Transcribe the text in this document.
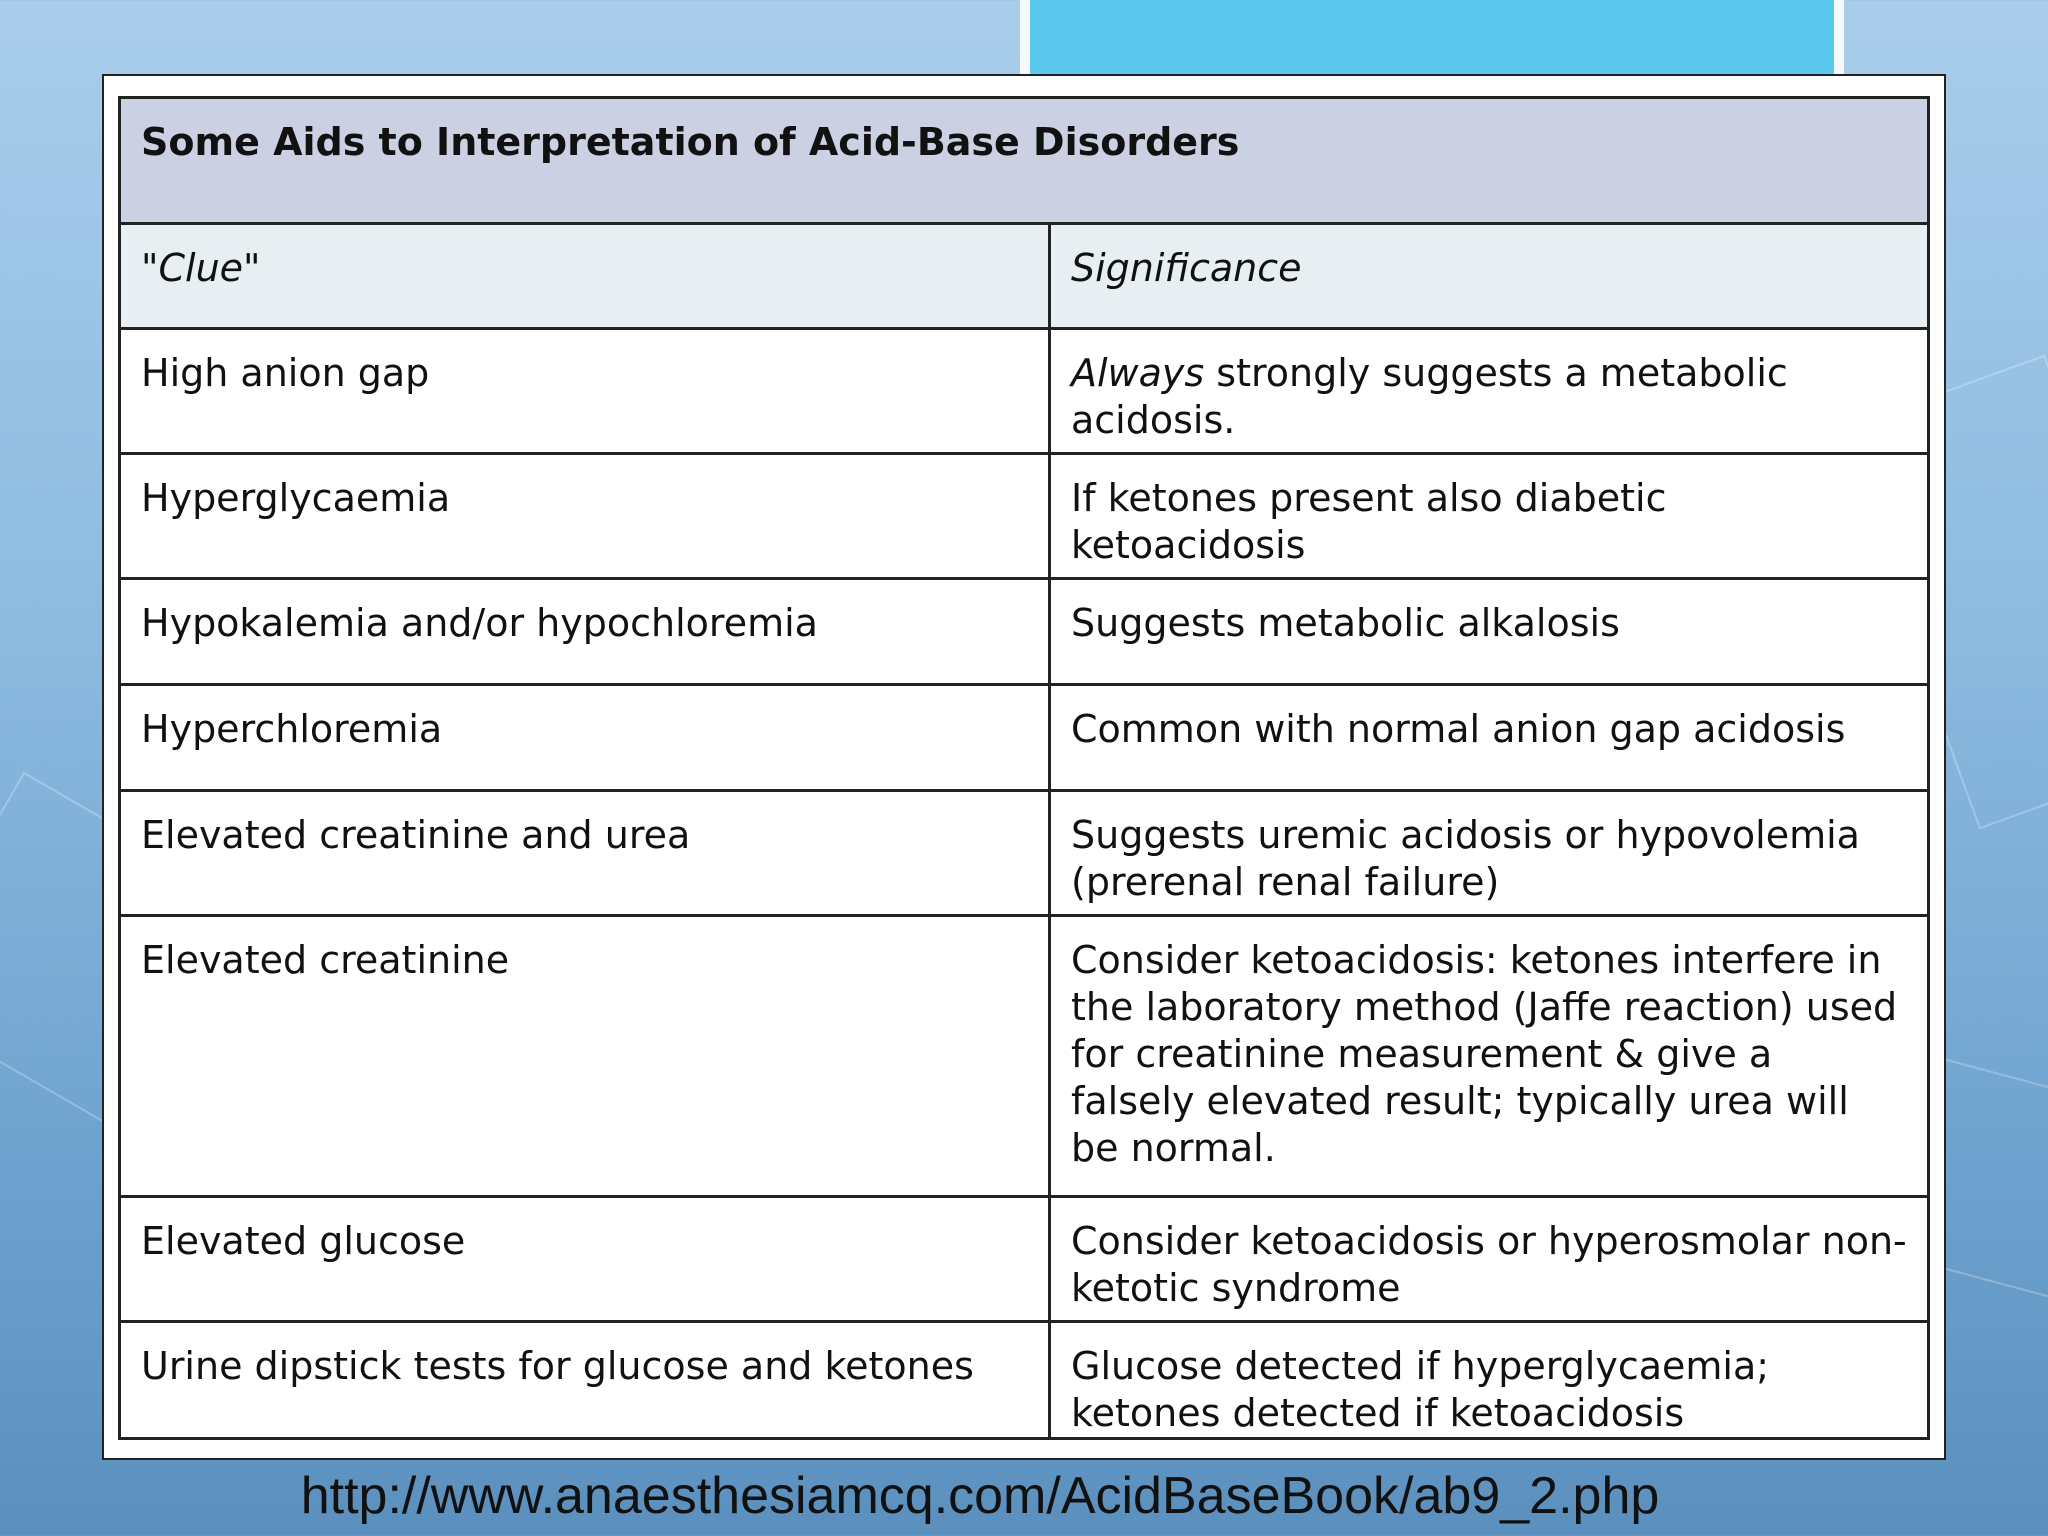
Some Aids to Interpretation of Acid-Base Disorders	
"Clue"	Significance
High anion gap	Always strongly suggests a metabolic acidosis.
Hyperglycaemia	If ketones present also diabetic ketoacidosis
Hypokalemia and/or hypochloremia	Suggests metabolic alkalosis
Hyperchloremia	Common with normal anion gap acidosis
Elevated creatinine and urea	Suggests uremic acidosis or hypovolemia (prerenal renal failure)
Elevated creatinine	Consider ketoacidosis: ketones interfere in the laboratory method (Jaffe reaction) used for creatinine measurement & give a falsely elevated result; typically urea will be normal.
Elevated glucose	Consider ketoacidosis or hyperosmolar non-ketotic syndrome
Urine dipstick tests for glucose and ketones	Glucose detected if hyperglycaemia; ketones detected if ketoacidosis
http://www.anaesthesiamcq.com/AcidBaseBook/ab9_2.php
